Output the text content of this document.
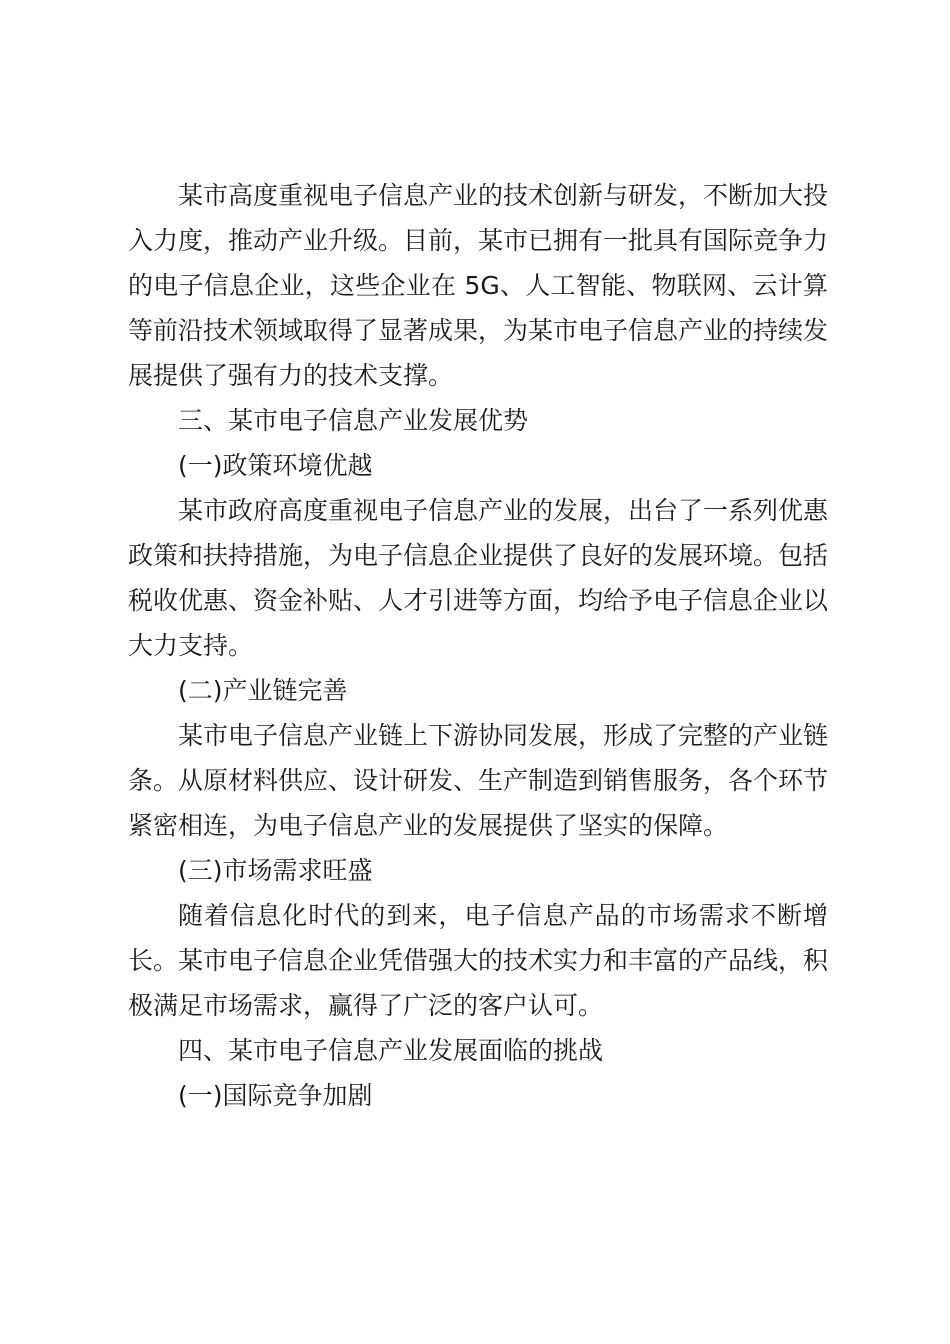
某市高度重视电子信息产业的技术创新与研发，不断加大投入力度，推动产业升级。目前，某市已拥有一批具有国际竞争力的电子信息企业，这些企业在 5G、人工智能、物联网、云计算等前沿技术领域取得了显著成果，为某市电子信息产业的持续发展提供了强有力的技术支撑。

三、某市电子信息产业发展优势

(一)政策环境优越

某市政府高度重视电子信息产业的发展，出台了一系列优惠政策和扶持措施，为电子信息企业提供了良好的发展环境。包括税收优惠、资金补贴、人才引进等方面，均给予电子信息企业以大力支持。

(二)产业链完善

某市电子信息产业链上下游协同发展，形成了完整的产业链条。从原材料供应、设计研发、生产制造到销售服务，各个环节紧密相连，为电子信息产业的发展提供了坚实的保障。

(三)市场需求旺盛

随着信息化时代的到来，电子信息产品的市场需求不断增长。某市电子信息企业凭借强大的技术实力和丰富的产品线，积极满足市场需求，赢得了广泛的客户认可。

四、某市电子信息产业发展面临的挑战

(一)国际竞争加剧
